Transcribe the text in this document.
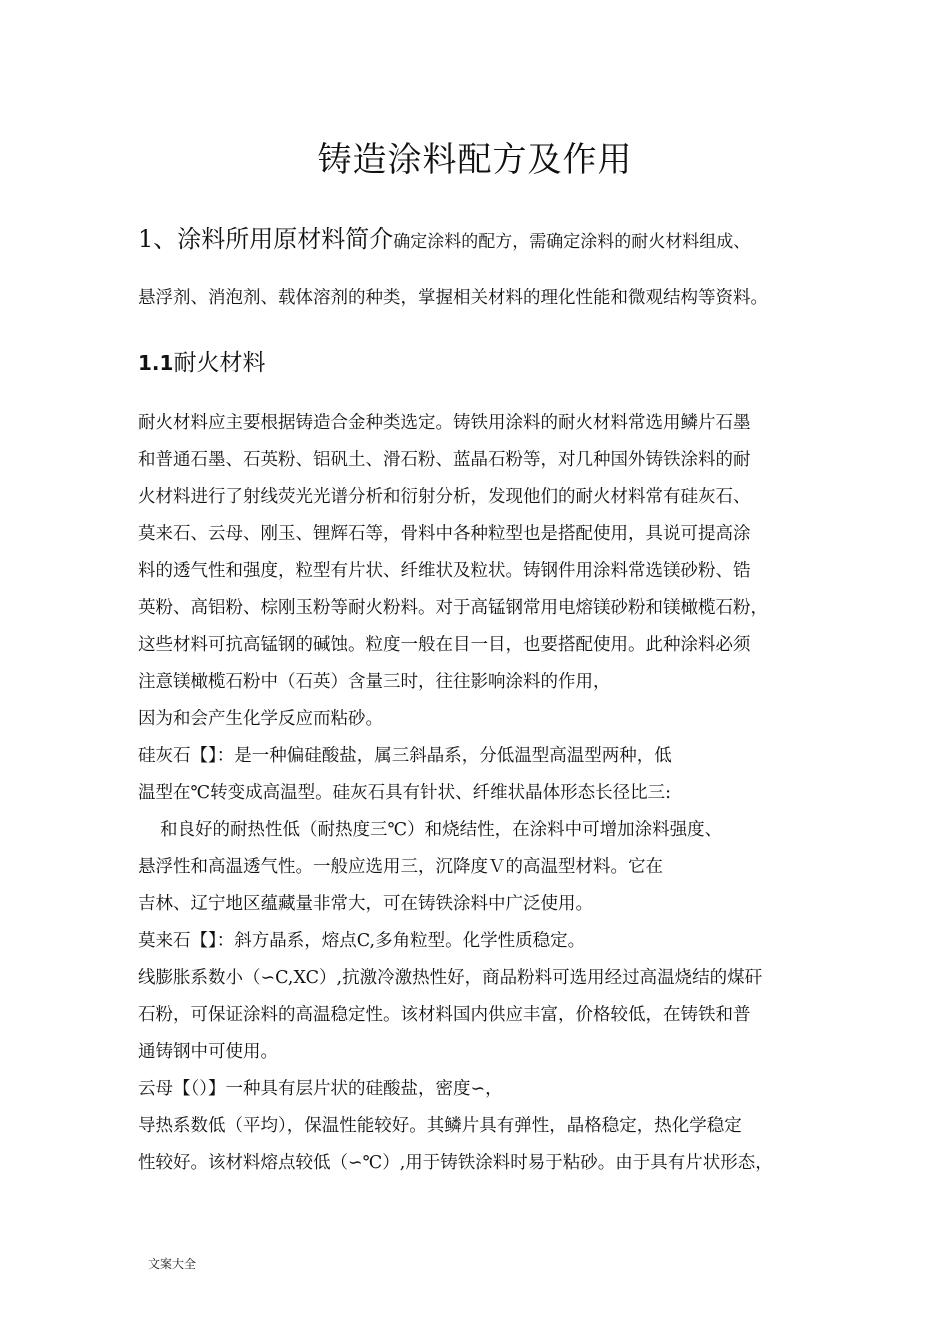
铸造涂料配方及作用

1、涂料所用原材料简介确定涂料的配方，需确定涂料的耐火材料组成、

悬浮剂、消泡剂、载体溶剂的种类，掌握相关材料的理化性能和微观结构等资料。

1.1耐火材料

耐火材料应主要根据铸造合金种类选定。铸铁用涂料的耐火材料常选用鳞片石墨

和普通石墨、石英粉、铝矾土、滑石粉、蓝晶石粉等，对几种国外铸铁涂料的耐

火材料进行了射线荧光光谱分析和衍射分析，发现他们的耐火材料常有硅灰石、

莫来石、云母、刚玉、锂辉石等，骨料中各种粒型也是搭配使用，具说可提高涂

料的透气性和强度，粒型有片状、纤维状及粒状。铸钢件用涂料常选镁砂粉、锆

英粉、高铝粉、棕刚玉粉等耐火粉料。对于高锰钢常用电熔镁砂粉和镁橄榄石粉，

这些材料可抗高锰钢的碱蚀。粒度一般在目一目，也要搭配使用。此种涂料必须

注意镁橄榄石粉中（石英）含量三时，往往影响涂料的作用，

因为和会产生化学反应而粘砂。

硅灰石【】：是一种偏硅酸盐，属三斜晶系，分低温型高温型两种，低

温型在℃转变成高温型。硅灰石具有针状、纤维状晶体形态长径比三:

和良好的耐热性低（耐热度三℃）和烧结性，在涂料中可增加涂料强度、

悬浮性和高温透气性。一般应选用三，沉降度Ｖ的高温型材料。它在

吉林、辽宁地区蕴藏量非常大，可在铸铁涂料中广泛使用。

莫来石【】：斜方晶系，熔点C,多角粒型。化学性质稳定。

线膨胀系数小（∽C,XC）,抗激冷激热性好，商品粉料可选用经过高温烧结的煤矸

石粉，可保证涂料的高温稳定性。该材料国内供应丰富，价格较低，在铸铁和普

通铸钢中可使用。

云母【（）】一种具有层片状的硅酸盐，密度∽，

导热系数低（平均），保温性能较好。其鳞片具有弹性，晶格稳定，热化学稳定

性较好。该材料熔点较低（∽℃）,用于铸铁涂料时易于粘砂。由于具有片状形态，

文案大全
